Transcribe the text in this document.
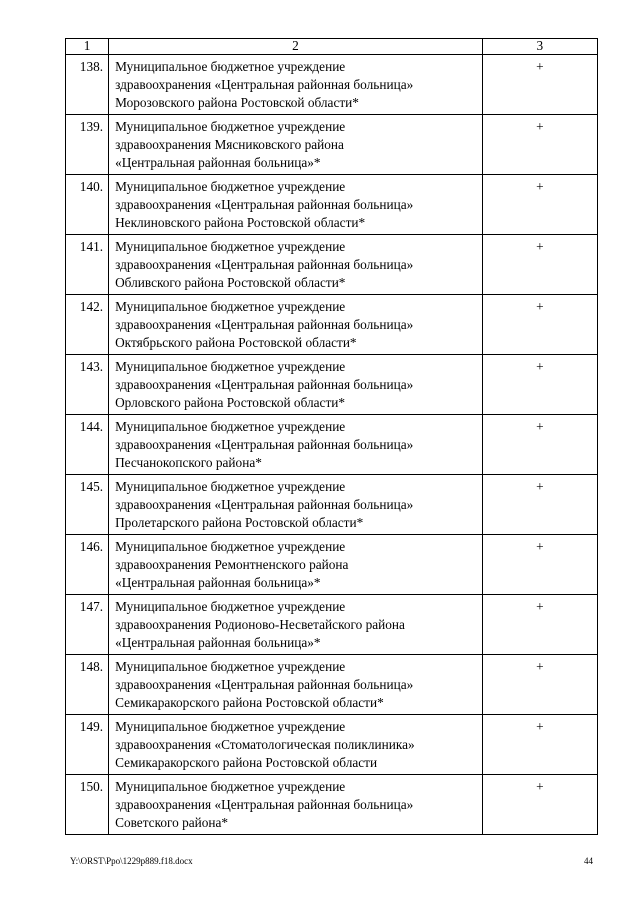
1	2	3
138.	Муниципальное бюджетное учреждение
здравоохранения «Центральная районная больница»
Морозовского района Ростовской области*	+
139.	Муниципальное бюджетное учреждение
здравоохранения Мясниковского района
«Центральная районная больница»*	+
140.	Муниципальное бюджетное учреждение
здравоохранения «Центральная районная больница»
Неклиновского района Ростовской области*	+
141.	Муниципальное бюджетное учреждение
здравоохранения «Центральная районная больница»
Обливского района Ростовской области*	+
142.	Муниципальное бюджетное учреждение
здравоохранения «Центральная районная больница»
Октябрьского района Ростовской области*	+
143.	Муниципальное бюджетное учреждение
здравоохранения «Центральная районная больница»
Орловского района Ростовской области*	+
144.	Муниципальное бюджетное учреждение
здравоохранения «Центральная районная больница»
Песчанокопского района*	+
145.	Муниципальное бюджетное учреждение
здравоохранения «Центральная районная больница»
Пролетарского района Ростовской области*	+
146.	Муниципальное бюджетное учреждение
здравоохранения Ремонтненского района
«Центральная районная больница»*	+
147.	Муниципальное бюджетное учреждение
здравоохранения Родионово-Несветайского района
«Центральная районная больница»*	+
148.	Муниципальное бюджетное учреждение
здравоохранения «Центральная районная больница»
Семикаракорского района Ростовской области*	+
149.	Муниципальное бюджетное учреждение
здравоохранения «Стоматологическая поликлиника»
Семикаракорского района Ростовской области	+
150.	Муниципальное бюджетное учреждение
здравоохранения «Центральная районная больница»
Советского района*	+
Y:\ORST\Ppo\1229p889.f18.docx	44
